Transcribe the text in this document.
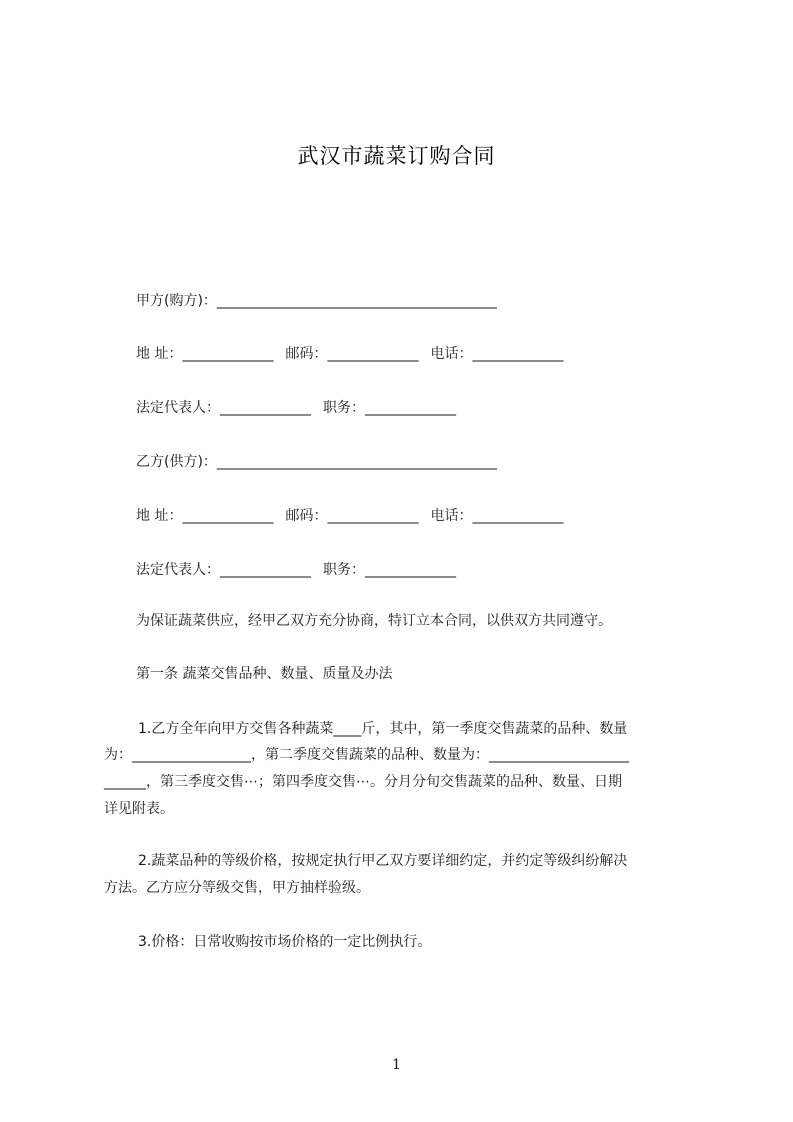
武汉市蔬菜订购合同
甲方(购方)：________________________________________
地 址：_____________ 邮码：_____________ 电话：_____________
法定代表人：_____________ 职务：_____________
乙方(供方)：________________________________________
地 址：_____________ 邮码：_____________ 电话：_____________
法定代表人：_____________ 职务：_____________
为保证蔬菜供应，经甲乙双方充分协商，特订立本合同，以供双方共同遵守。
第一条 蔬菜交售品种、数量、质量及办法
1.乙方全年向甲方交售各种蔬菜____斤，其中，第一季度交售蔬菜的品种、数量
为：_________________，第二季度交售蔬菜的品种、数量为：____________________
______，第三季度交售⋯；第四季度交售⋯。分月分旬交售蔬菜的品种、数量、日期
详见附表。
2.蔬菜品种的等级价格，按规定执行甲乙双方要详细约定，并约定等级纠纷解决
方法。乙方应分等级交售，甲方抽样验级。
3.价格：日常收购按市场价格的一定比例执行。
1
